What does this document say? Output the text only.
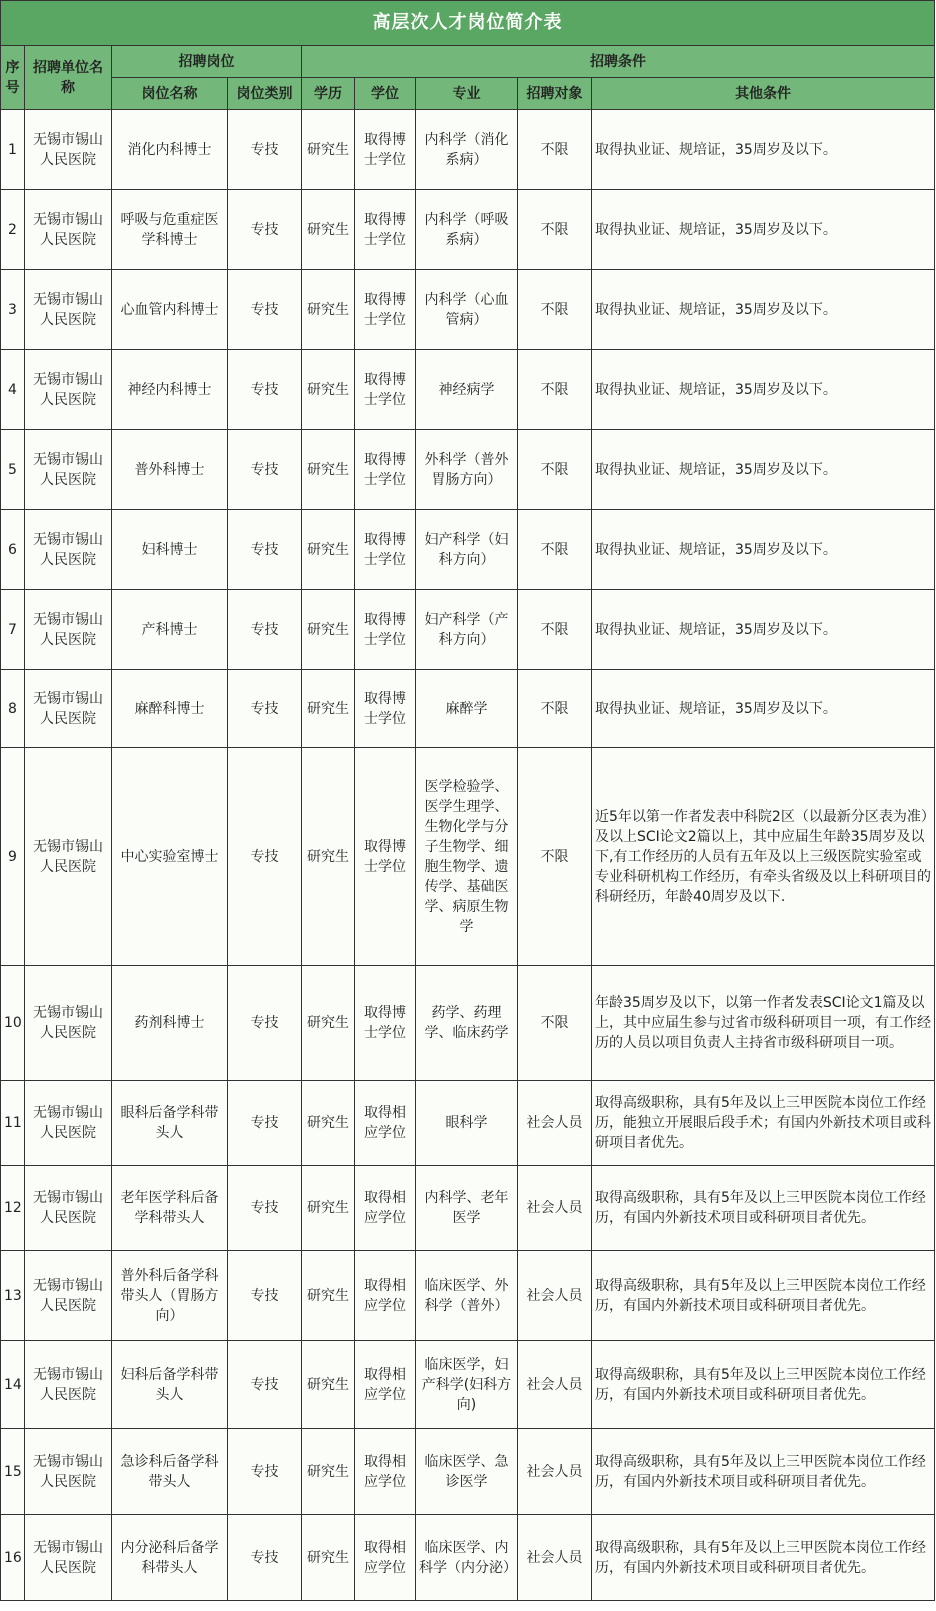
高层次人才岗位简介表								
序号	招聘单位名称	招聘岗位		招聘条件				
		岗位名称	岗位类别	学历	学位	专业	招聘对象	其他条件
1	无锡市锡山人民医院	消化内科博士	专技	研究生	取得博士学位	内科学（消化系病）	不限	取得执业证、规培证，35周岁及以下。
2	无锡市锡山人民医院	呼吸与危重症医学科博士	专技	研究生	取得博士学位	内科学（呼吸系病）	不限	取得执业证、规培证，35周岁及以下。
3	无锡市锡山人民医院	心血管内科博士	专技	研究生	取得博士学位	内科学（心血管病）	不限	取得执业证、规培证，35周岁及以下。
4	无锡市锡山人民医院	神经内科博士	专技	研究生	取得博士学位	神经病学	不限	取得执业证、规培证，35周岁及以下。
5	无锡市锡山人民医院	普外科博士	专技	研究生	取得博士学位	外科学（普外胃肠方向）	不限	取得执业证、规培证，35周岁及以下。
6	无锡市锡山人民医院	妇科博士	专技	研究生	取得博士学位	妇产科学（妇科方向）	不限	取得执业证、规培证，35周岁及以下。
7	无锡市锡山人民医院	产科博士	专技	研究生	取得博士学位	妇产科学（产科方向）	不限	取得执业证、规培证，35周岁及以下。
8	无锡市锡山人民医院	麻醉科博士	专技	研究生	取得博士学位	麻醉学	不限	取得执业证、规培证，35周岁及以下。
9	无锡市锡山人民医院	中心实验室博士	专技	研究生	取得博士学位	医学检验学、医学生理学、生物化学与分子生物学、细胞生物学、遗传学、基础医学、病原生物学	不限	近5年以第一作者发表中科院2区（以最新分区表为准）及以上SCI论文2篇以上，其中应届生年龄35周岁及以下,有工作经历的人员有五年及以上三级医院实验室或专业科研机构工作经历，有牵头省级及以上科研项目的科研经历，年龄40周岁及以下.
10	无锡市锡山人民医院	药剂科博士	专技	研究生	取得博士学位	药学、药理学、临床药学	不限	年龄35周岁及以下，以第一作者发表SCI论文1篇及以上，其中应届生参与过省市级科研项目一项，有工作经历的人员以项目负责人主持省市级科研项目一项。
11	无锡市锡山人民医院	眼科后备学科带头人	专技	研究生	取得相应学位	眼科学	社会人员	取得高级职称，具有5年及以上三甲医院本岗位工作经历，能独立开展眼后段手术；有国内外新技术项目或科研项目者优先。
12	无锡市锡山人民医院	老年医学科后备学科带头人	专技	研究生	取得相应学位	内科学、老年医学	社会人员	取得高级职称，具有5年及以上三甲医院本岗位工作经历，有国内外新技术项目或科研项目者优先。
13	无锡市锡山人民医院	普外科后备学科带头人（胃肠方向）	专技	研究生	取得相应学位	临床医学、外科学（普外）	社会人员	取得高级职称，具有5年及以上三甲医院本岗位工作经历，有国内外新技术项目或科研项目者优先。
14	无锡市锡山人民医院	妇科后备学科带头人	专技	研究生	取得相应学位	临床医学，妇产科学(妇科方向)	社会人员	取得高级职称，具有5年及以上三甲医院本岗位工作经历，有国内外新技术项目或科研项目者优先。
15	无锡市锡山人民医院	急诊科后备学科带头人	专技	研究生	取得相应学位	临床医学、急诊医学	社会人员	取得高级职称，具有5年及以上三甲医院本岗位工作经历，有国内外新技术项目或科研项目者优先。
16	无锡市锡山人民医院	内分泌科后备学科带头人	专技	研究生	取得相应学位	临床医学、内科学（内分泌）	社会人员	取得高级职称，具有5年及以上三甲医院本岗位工作经历，有国内外新技术项目或科研项目者优先。
